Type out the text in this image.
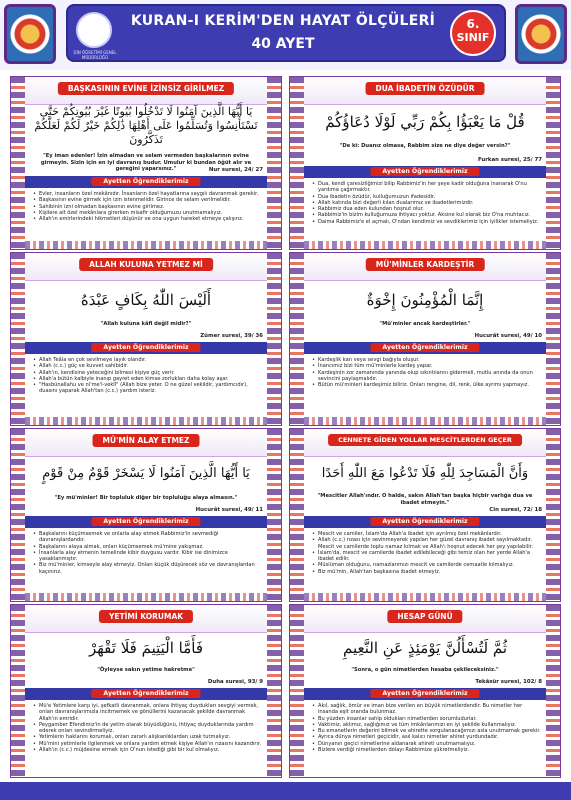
DİN ÖĞRETİMİ GENEL MÜDÜRLÜĞÜ
KURAN-I KERİM'DEN HAYAT ÖLÇÜLERİ
40 AYET
6.
SINIF
BAŞKASININ EVİNE İZİNSİZ GİRİLMEZ
يَا أَيُّهَا الَّذِينَ آمَنُوا لَا تَدْخُلُوا بُيُوتًا غَيْرَ بُيُوتِكُمْ حَتَّى تَسْتَأْنِسُوا وَتُسَلِّمُوا عَلَى أَهْلِهَا ذَٰلِكُمْ خَيْرٌ لَكُمْ لَعَلَّكُمْ تَذَكَّرُونَ
"Ey iman edenler! İzin almadan ve selam vermeden başkalarının evine girmeyin. Sizin için en iyi davranış budur. Umulur ki bundan öğüt alır ve gereğini yaparsınız."	Nur suresi, 24/ 27
Ayetten Öğrendiklerimiz
• Evler, insanların özel mekânıdır. İnsanların özel hayatlarına saygılı davranmak gerekir.
• Başkasının evine girmek için izin istenmelidir. Girince de selam verilmelidir.
• Sahibinin izni olmadan başkasının evine girilmez.
• Kişilere ait özel mekânlara girerken misafir olduğumuzu unutmamalıyız.
• Allah'ın emirlerindeki hikmetleri düşünür ve ona uygun hareket etmeye çalışırız.
DUA İBADETİN ÖZÜDÜR
قُلْ مَا يَعْبَؤُا بِكُمْ رَبِّي لَوْلَا دُعَاؤُكُمْ
"De ki: Duanız olmasa, Rabbim size ne diye değer versin?"
Furkan suresi, 25/ 77
Ayetten Öğrendiklerimiz
• Dua, kendi çaresizliğimizi bilip Rabbimiz'in her şeye kadir olduğuna inanarak O'nu yardıma çağırmaktır.
• Dua ibadetin özüdür, kulluğumuzun ifadesidir.
• Allah katında bizi değerli kılan dualarımız ve ibadetlerimizdir.
• Rabbimiz dua eden kulundan hoşnut olur.
• Rabbimiz'in bizim kulluğumuza ihtiyacı yoktur. Aksine kul olarak biz O'na muhtacız.
• Daima Rabbimiz'e el açmalı, O'ndan kendimiz ve sevdiklerimiz için iyilikler istemeliyiz.
ALLAH KULUNA YETMEZ Mİ
أَلَيْسَ اللّٰهُ بِكَافٍ عَبْدَهُ
"Allah kuluna kâfi değil midir?"
Zümer suresi, 39/ 36
Ayetten Öğrendiklerimiz
• Allah Teâla en çok sevilmeye layık olandır.
• Allah (c.c.) güç ve kuvvet sahibidir.
• Allah'ın, kendisine yeteceğini bilmesi kişiye güç verir.
• Allah'a bütün kalbiyle inanıp gayret eden kimse zorlukları daha kolay aşar.
• "Hasbünallahu ve ni'me'l-vekîl" (Allah bize yeter. O ne güzel vekildir, yardımcıdır), duasını yaparak Allah'tan (c.c.) yardım isteriz.
MÜ'MİNLER KARDEŞTİR
إِنَّمَا الْمُؤْمِنُونَ إِخْوَةٌ
"Mü'minler ancak kardeştirler."
Hucurât suresi, 49/ 10
Ayetten Öğrendiklerimiz
• Kardeşlik kan veya sevgi bağıyla oluşur.
• İnancımız bizi tüm mü'minlerle kardeş yapar.
• Kardeşinin zor zamanında yanında olup sıkıntılarını gidermeli, mutlu anında da onun sevincini paylaşmalıdır.
• Bütün mü'minleri kardeşimiz biliriz. Onları rengine, dil, renk, ülke ayrımı yapmayız.
MÜ'MİN ALAY ETMEZ
يَا أَيُّهَا الَّذِينَ آمَنُوا لَا يَسْخَرْ قَوْمٌ مِنْ قَوْمٍ
"Ey mü'minler! Bir topluluk diğer bir topluluğu alaya almasın."
Hucurât suresi, 49/ 11
Ayetten Öğrendiklerimiz
• Başkalarını küçümsemek ve onlarla alay etmek Rabbimiz'in sevmediği davranışlardandır.
• Başkalarını alaya almak, onları küçümsemek mü'mine yakışmaz.
• İnsanlarla alay etmenin temelinde kibir duygusu vardır. Kibir ise dinimizce yasaklanmıştır.
• Biz mü'minler, kimseyle alay etmeyiz. Onları küçük düşürecek söz ve davranışlardan kaçınırız.
CENNETE GİDEN YOLLAR MESCİTLERDEN GEÇER
وَأَنَّ الْمَسَاجِدَ لِلّٰهِ فَلَا تَدْعُوا مَعَ اللّٰهِ أَحَدًا
"Mescitler Allah'ındır. O halde, sakın Allah'tan başka hiçbir varlığa dua ve ibadet etmeyin."
Cin suresi, 72/ 18
Ayetten Öğrendiklerimiz
• Mescit ve camiler, İslam'da Allah'a ibadet için ayrılmış özel mekânlardır.
• Allah (c.c.) rızası için sevinmeyerek yapılan her güzel davranış ibadet sayılmaktadır. Mescit ve camilerde toplu namaz kılmak ve Allah'ı hoşnut edecek her şey yapılabilir.
• İslam'da, mescit ve camilerde ibadet edilebileceği gibi temiz olan her yerde Allah'a ibadet edilir.
• Müslüman olduğunu, namazlarımızı mescit ve camilerde cemaatle kılmalıyız.
• Biz mü'min, Allah'tan başkasına ibadet etmeyiz.
YETİMİ KORUMAK
فَأَمَّا الْيَتِيمَ فَلَا تَقْهَرْ
"Öyleyse sakın yetime hakretme"
Duha suresi, 93/ 9
Ayetten Öğrendiklerimiz
• Mü'e Yetimlere karşı iyi, şefkatli davranmak, onlara ihtiyaç duydukları sevgiyi vermek, onları davranışlarımızla incitmemek ve gönüllerini kazanacak şekilde davranmak Allah'ın emridir.
• Peygamber Efendimiz'in de yetim olarak büyüdüğünü, ihtiyaç duyduklarında yardım ederek onları sevindirmeliyiz.
• Yetimlerin haklarını korumalı, onları zararlı alışkanlıklardan uzak tutmalıyız.
• Mü'mini yetimlerle ilgilenmek ve onlara yardım etmek kişiye Allah'ın rızasını kazandırır.
• Allah'ın (c.c.) müjdesine ermek için O'nun istediği gibi bir kul olmalıyız.
HESAP GÜNÜ
ثُمَّ لَتُسْأَلُنَّ يَوْمَئِذٍ عَنِ النَّعِيمِ
"Sonra, o gün nimetlerden hesaba çekileceksiniz."
Tekâsür suresi, 102/ 8
Ayetten Öğrendiklerimiz
• Akıl, sağlık, ömür ve iman bize verilen en büyük nimetlerdendir. Bu nimetler her insanda eşit oranda bulunmaz.
• Bu yüzden insanlar sahip oldukları nimetlerden sorumludurlar.
• Vaktimiz, aklımız, sağlığımız ve tüm imkânlarımızı en iyi şekilde kullanmalıyız.
• Bu emanetlerin değerini bilmek ve ahirette sorgulanacağımızı asla unutmamak gerekir.
• Ayrıca dünya nimetleri geçicidir, asıl kalıcı nimetler ahiret yurdundadır.
• Dünyanın geçici nimetlerine aldanarak ahireti unutmamalıyız.
• Bizlere verdiği nimetlerden dolayı Rabbimize şükretmeliyiz.
